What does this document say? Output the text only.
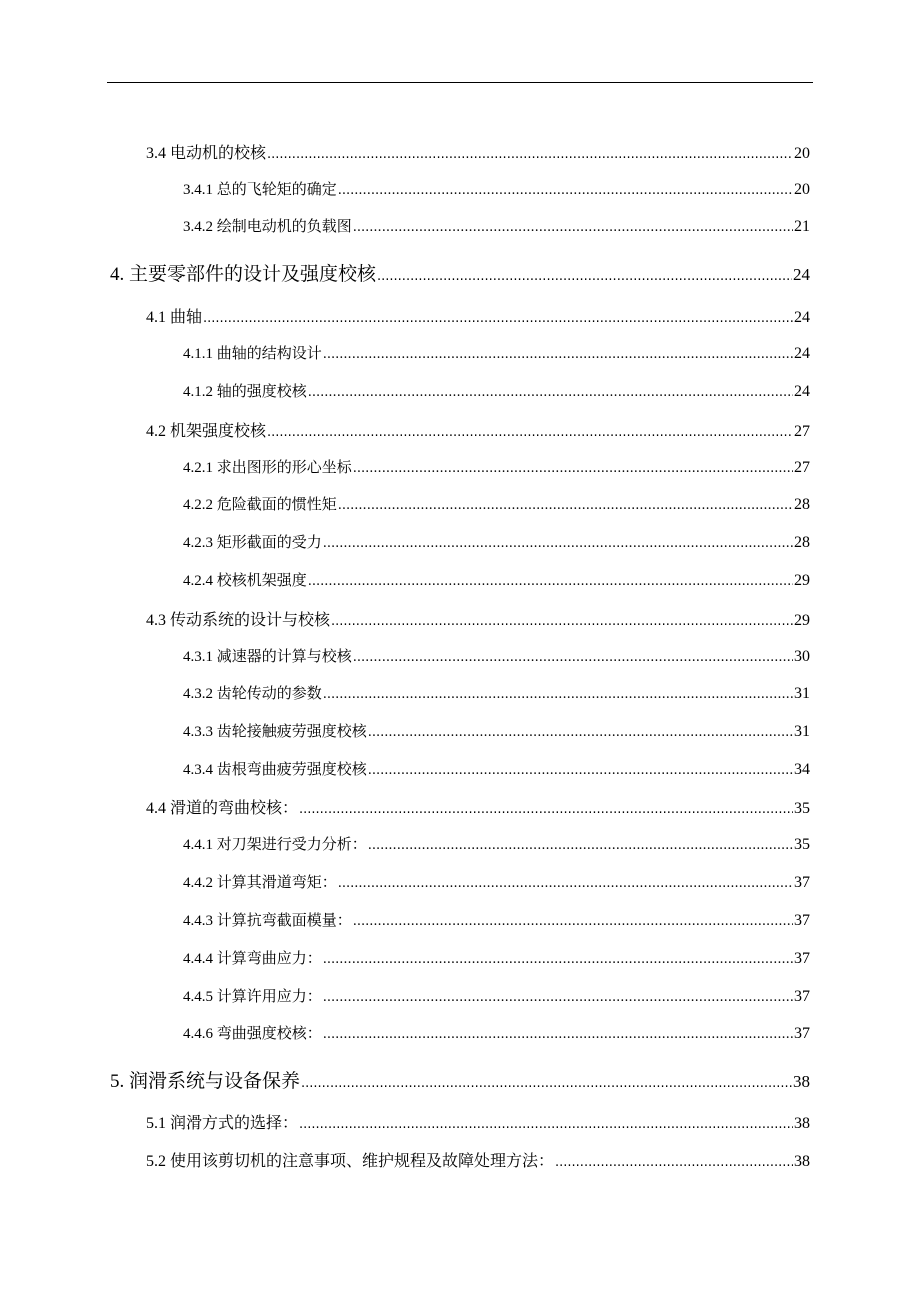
3.4 电动机的校核 .....	20
3.4.1 总的飞轮矩的确定 .....	20
3.4.2 绘制电动机的负载图 .....	21
4. 主要零部件的设计及强度校核 .....	24
4.1 曲轴 .....	24
4.1.1 曲轴的结构设计 .....	24
4.1.2 轴的强度校核 .....	24
4.2 机架强度校核 .....	27
4.2.1 求出图形的形心坐标 .....	27
4.2.2 危险截面的惯性矩 .....	28
4.2.3 矩形截面的受力 .....	28
4.2.4 校核机架强度 .....	29
4.3 传动系统的设计与校核 .....	29
4.3.1 减速器的计算与校核 .....	30
4.3.2 齿轮传动的参数 .....	31
4.3.3 齿轮接触疲劳强度校核 .....	31
4.3.4 齿根弯曲疲劳强度校核 .....	34
4.4 滑道的弯曲校核： .....	35
4.4.1 对刀架进行受力分析： .....	35
4.4.2 计算其滑道弯矩： .....	37
4.4.3 计算抗弯截面模量： .....	37
4.4.4 计算弯曲应力： .....	37
4.4.5 计算许用应力： .....	37
4.4.6 弯曲强度校核： .....	37
5. 润滑系统与设备保养 .....	38
5.1 润滑方式的选择： .....	38
5.2 使用该剪切机的注意事项、维护规程及故障处理方法： .....	38
